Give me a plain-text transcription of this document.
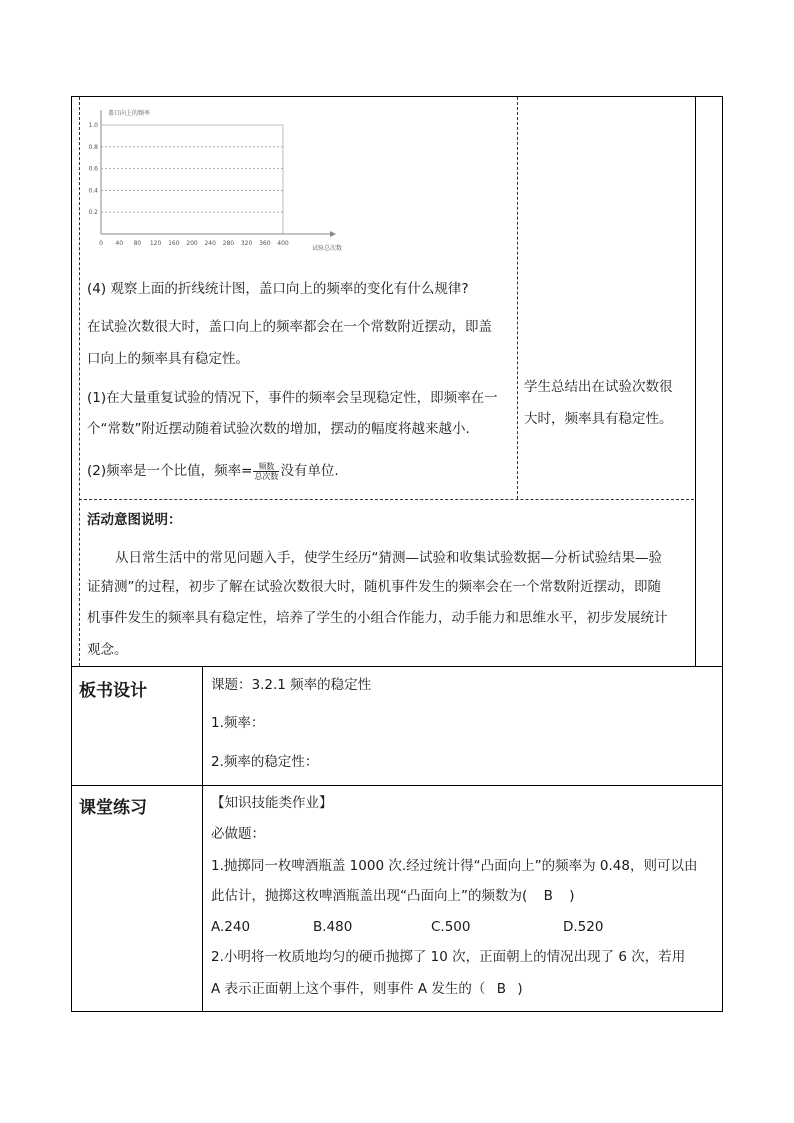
盖口向上的频率
0.2
0.4
0.6
0.8
1.0
0 40 80 120 160 200 240 280 320 360 400
试验总次数
(4) 观察上面的折线统计图，盖口向上的频率的变化有什么规律?
在试验次数很大时，盖口向上的频率都会在一个常数附近摆动，即盖
口向上的频率具有稳定性。
(1)在大量重复试验的情况下，事件的频率会呈现稳定性，即频率在一
个“常数”附近摆动随着试验次数的增加，摆动的幅度将越来越小.
(2)频率是一个比值，频率= $\frac{\text{频数}}{\text{总次数}}$ 没有单位.
学生总结出在试验次数很
大时，频率具有稳定性。
活动意图说明：
从日常生活中的常见问题入手，使学生经历“猜测—试验和收集试验数据—分析试验结果—验
证猜测”的过程，初步了解在试验次数很大时，随机事件发生的频率会在一个常数附近摆动，即随
机事件发生的频率具有稳定性，培养了学生的小组合作能力，动手能力和思维水平，初步发展统计
观念。
板书设计	课题：3.2.1 频率的稳定性
1.频率：
2.频率的稳定性：
课堂练习	【知识技能类作业】
必做题：
1.抛掷同一枚啤酒瓶盖 1000 次.经过统计得“凸面向上”的频率为 0.48，则可以由
此估计，抛掷这枚啤酒瓶盖出现“凸面向上”的频数为( B )
A.240	B.480	C.500	D.520
2.小明将一枚质地均匀的硬币抛掷了 10 次，正面朝上的情况出现了 6 次，若用
A 表示正面朝上这个事件，则事件 A 发生的（ B )
